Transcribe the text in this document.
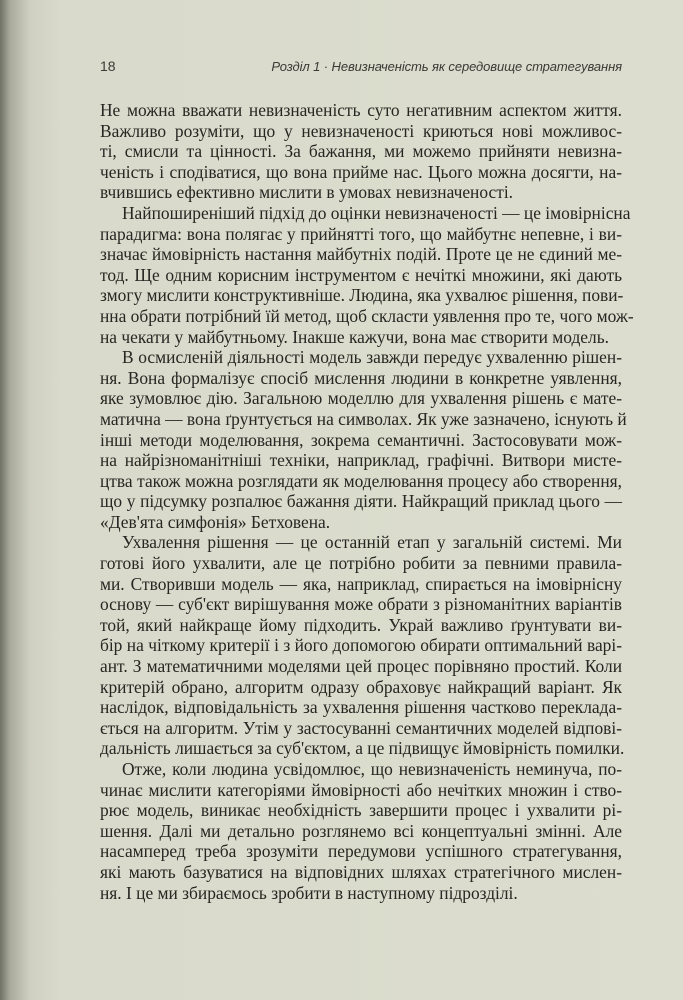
18	Розділ 1 · Невизначеність як середовище стратегування
Не можна вважати невизначеність суто негативним аспектом життя.
Важливо розуміти, що у невизначеності криються нові можливос-
ті, смисли та цінності. За бажання, ми можемо прийняти невизна-
ченість і сподіватися, що вона прийме нас. Цього можна досягти, на-
вчившись ефективно мислити в умовах невизначеності.
Найпоширеніший підхід до оцінки невизначеності — це імовірнісна
парадигма: вона полягає у прийнятті того, що майбутнє непевне, і ви-
значає ймовірність настання майбутніх подій. Проте це не єдиний ме-
тод. Ще одним корисним інструментом є нечіткі множини, які дають
змогу мислити конструктивніше. Людина, яка ухвалює рішення, пови-
нна обрати потрібний їй метод, щоб скласти уявлення про те, чого мож-
на чекати у майбутньому. Інакше кажучи, вона має створити модель.
В осмисленій діяльності модель завжди передує ухваленню рішен-
ня. Вона формалізує спосіб мислення людини в конкретне уявлення,
яке зумовлює дію. Загальною моделлю для ухвалення рішень є мате-
матична — вона ґрунтується на символах. Як уже зазначено, існують й
інші методи моделювання, зокрема семантичні. Застосовувати мож-
на найрізноманітніші техніки, наприклад, графічні. Витвори мисте-
цтва також можна розглядати як моделювання процесу або створення,
що у підсумку розпалює бажання діяти. Найкращий приклад цього —
«Дев'ята симфонія» Бетховена.
Ухвалення рішення — це останній етап у загальній системі. Ми
готові його ухвалити, але це потрібно робити за певними правила-
ми. Створивши модель — яка, наприклад, спирається на імовірнісну
основу — суб'єкт вирішування може обрати з різноманітних варіантів
той, який найкраще йому підходить. Украй важливо ґрунтувати ви-
бір на чіткому критерії і з його допомогою обирати оптимальний варі-
ант. З математичними моделями цей процес порівняно простий. Коли
критерій обрано, алгоритм одразу обраховує найкращий варіант. Як
наслідок, відповідальність за ухвалення рішення частково переклада-
ється на алгоритм. Утім у застосуванні семантичних моделей відпові-
дальність лишається за суб'єктом, а це підвищує ймовірність помилки.
Отже, коли людина усвідомлює, що невизначеність неминуча, по-
чинає мислити категоріями ймовірності або нечітких множин і ство-
рює модель, виникає необхідність завершити процес і ухвалити рі-
шення. Далі ми детально розглянемо всі концептуальні змінні. Але
насамперед треба зрозуміти передумови успішного стратегування,
які мають базуватися на відповідних шляхах стратегічного мислен-
ня. І це ми збираємось зробити в наступному підрозділі.
